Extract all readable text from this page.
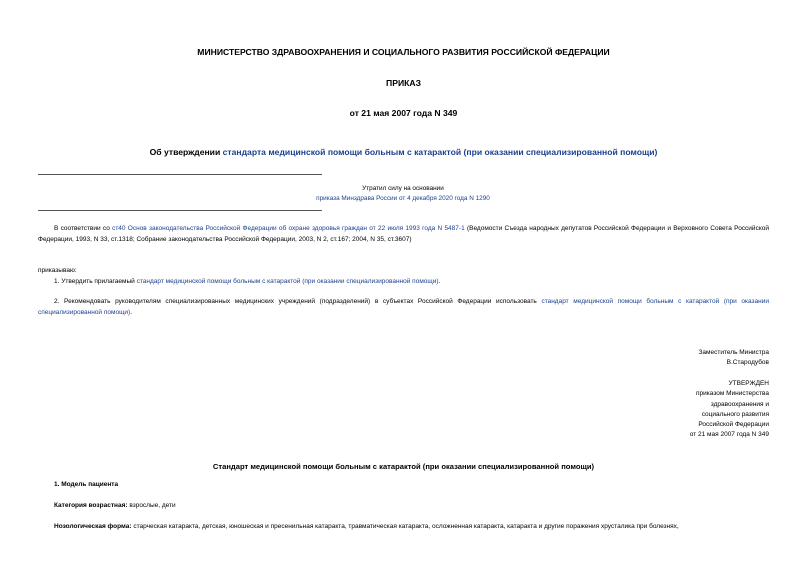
МИНИСТЕРСТВО ЗДРАВООХРАНЕНИЯ И СОЦИАЛЬНОГО РАЗВИТИЯ РОССИЙСКОЙ ФЕДЕРАЦИИ
ПРИКАЗ
от 21 мая 2007 года N 349
Об утверждении стандарта медицинской помощи больным с катарактой (при оказании специализированной помощи)
Утратил силу на основании
приказа Минздрава России от 4 декабря 2020 года N 1290
В соответствии со ст40 Основ законодательства Российской Федерации об охране здоровья граждан от 22 июля 1993 года N 5487-1 (Ведомости Съезда народных депутатов Российской Федерации и Верховного Совета Российской Федерации, 1993, N 33, ст.1318; Собрание законодательства Российской Федерации, 2003, N 2, ст.167; 2004, N 35, ст.3607)
приказываю:
1. Утвердить прилагаемый стандарт медицинской помощи больным с катарактой (при оказании специализированной помощи).
2. Рекомендовать руководителям специализированных медицинских учреждений (подразделений) в субъектах Российской Федерации использовать стандарт медицинской помощи больным с катарактой (при оказании специализированной помощи).
Заместитель Министра
В.Стародубов
УТВЕРЖДЕН
приказом Министерства
здравоохранения и
социального развития
Российской Федерации
от 21 мая 2007 года N 349
Стандарт медицинской помощи больным с катарактой (при оказании специализированной помощи)
1. Модель пациента
Категория возрастная: взрослые, дети
Нозологическая форма: старческая катаракта, детская, юношеская и пресенильная катаракта, травматическая катаракта, осложненная катаракта, катаракта и другие поражения хрусталика при болезнях,
